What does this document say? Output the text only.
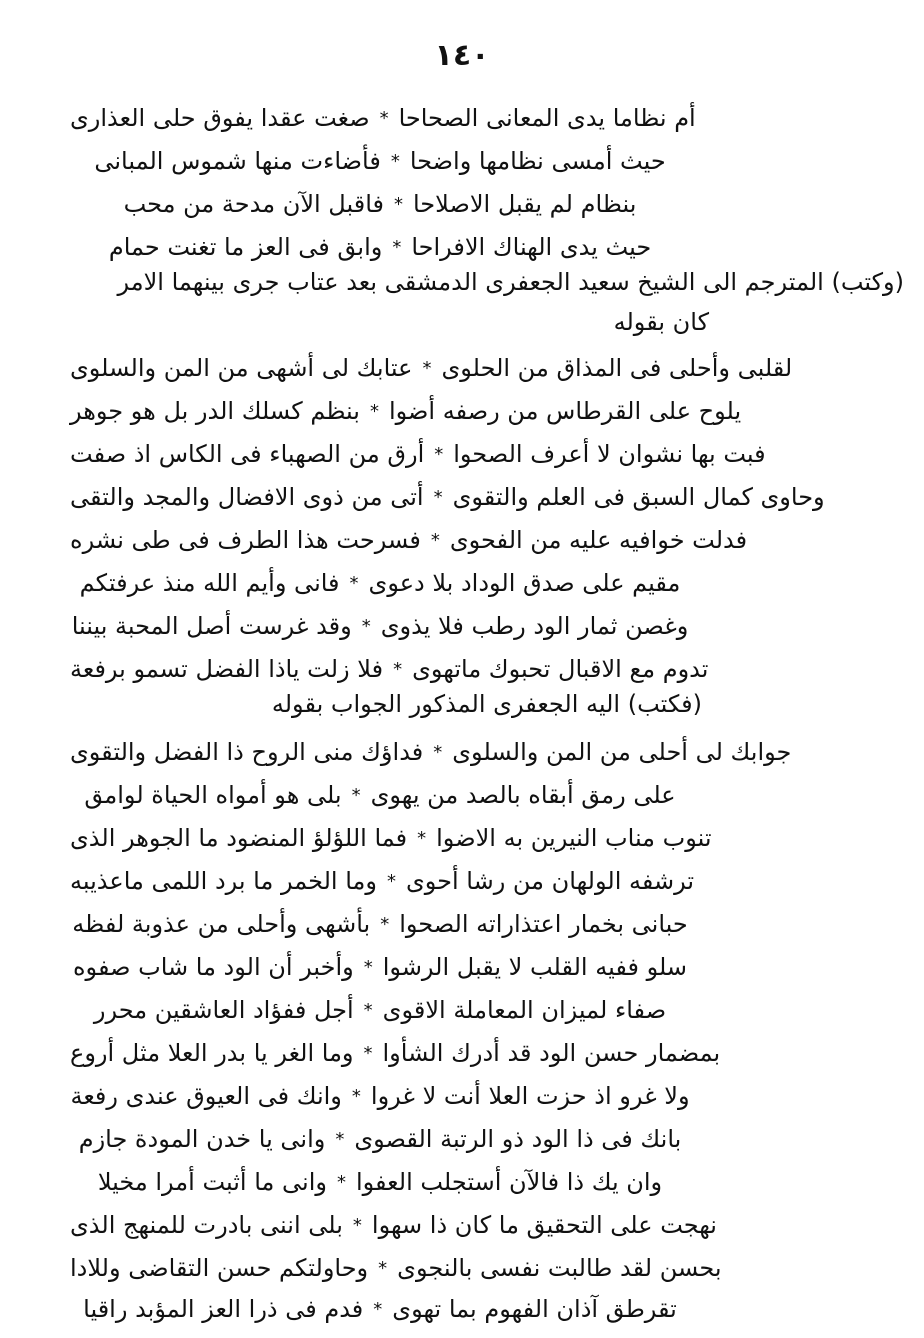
١٤٠
صغت عقدا يفوق حلى العذارى * أم نظاما يدى المعانى الصحاحا
فأضاءت منها شموس المبانى * حيث أمسى نظامها واضحا
فاقبل الآن مدحة من محب * بنظام لم يقبل الاصلاحا
وابق فى العز ما تغنت حمام * حيث يدى الهناك الافراحا
(وكتب) المترجم الى الشيخ سعيد الجعفرى الدمشقى بعد عتاب جرى بينهما الامر
كان بقوله
عتابك لى أشهى من المن والسلوى * لقلبى وأحلى فى المذاق من الحلوى
بنظم كسلك الدر بل هو جوهر * يلوح على القرطاس من رصفه أضوا
أرق من الصهباء فى الكاس اذ صفت * فبت بها نشوان لا أعرف الصحوا
أتى من ذوى الافضال والمجد والتقى * وحاوى كمال السبق فى العلم والتقوى
فسرحت هذا الطرف فى طى نشره * فدلت خوافيه عليه من الفحوى
فانى وأيم الله منذ عرفتكم * مقيم على صدق الوداد بلا دعوى
وقد غرست أصل المحبة بيننا * وغصن ثمار الود رطب فلا يذوى
فلا زلت ياذا الفضل تسمو برفعة * تدوم مع الاقبال تحبوك ماتهوى
(فكتب) اليه الجعفرى المذكور الجواب بقوله
فداؤك منى الروح ذا الفضل والتقوى * جوابك لى أحلى من المن والسلوى
بلى هو أمواه الحياة لوامق * على رمق أبقاه بالصد من يهوى
فما اللؤلؤ المنضود ما الجوهر الذى * تنوب مناب النيرين به الاضوا
وما الخمر ما برد اللمى ماعذيبه * ترشفه الولهان من رشا أحوى
بأشهى وأحلى من عذوبة لفظه * حبانى بخمار اعتذاراته الصحوا
وأخبر أن الود ما شاب صفوه * سلو ففيه القلب لا يقبل الرشوا
أجل ففؤاد العاشقين محرر * صفاء لميزان المعاملة الاقوى
وما الغر يا بدر العلا مثل أروع * بمضمار حسن الود قد أدرك الشأوا
وانك فى العيوق عندى رفعة * ولا غرو اذ حزت العلا أنت لا غروا
وانى يا خدن المودة جازم * بانك فى ذا الود ذو الرتبة القصوى
وانى ما أثبت أمرا مخيلا * وان يك ذا فالآن أستجلب العفوا
بلى اننى بادرت للمنهج الذى * نهجت على التحقيق ما كان ذا سهوا
وحاولتكم حسن التقاضى وللادا * بحسن لقد طالبت نفسى بالنجوى
فدم فى ذرا العز المؤبد راقيا * تقرطق آذان الفهوم بما تهوى
